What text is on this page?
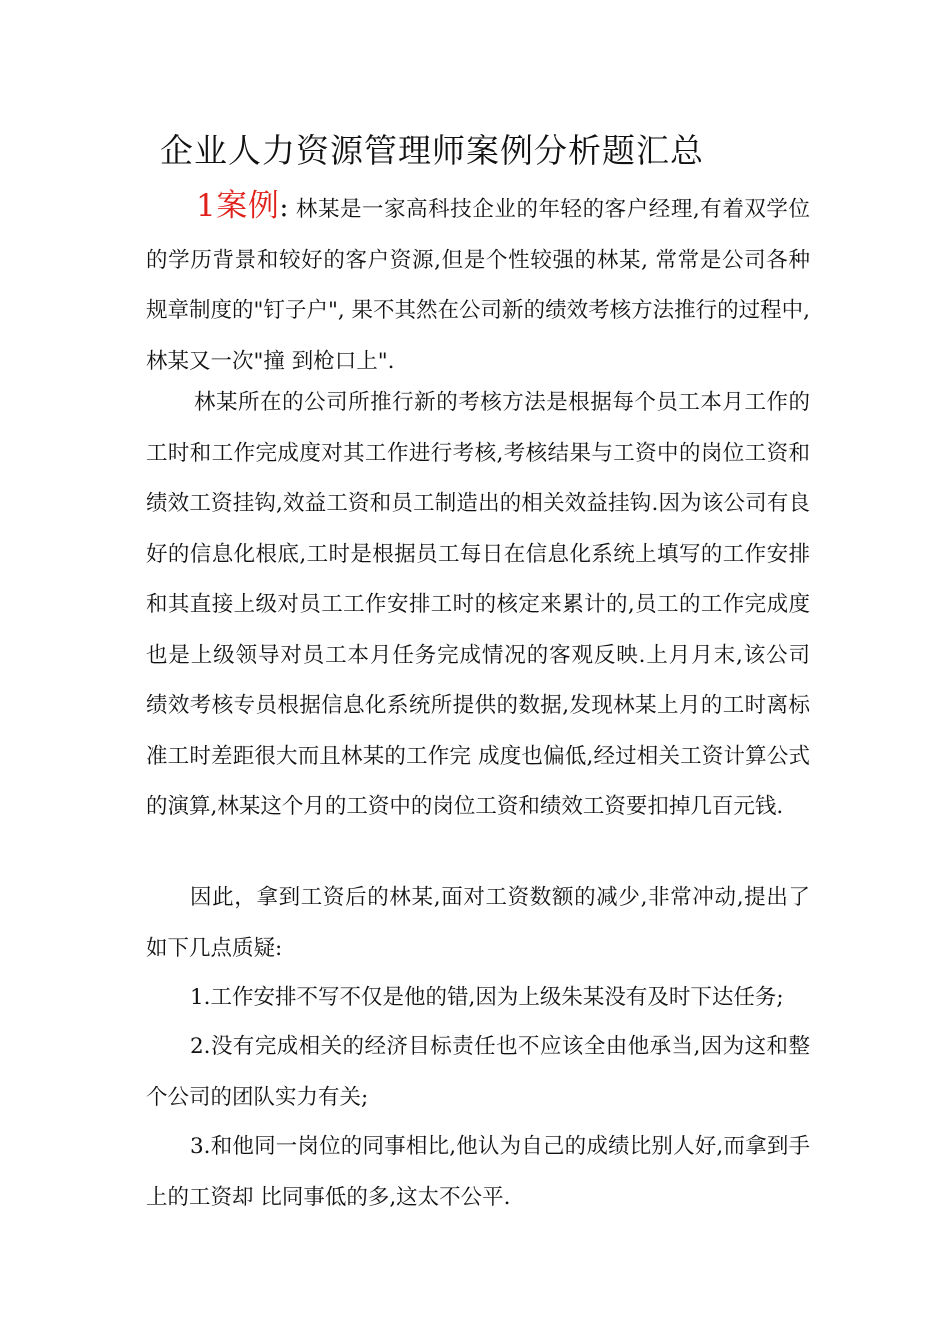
企业人力资源管理师案例分析题汇总
1案例: 林某是一家高科技企业的年轻的客户经理,有着双学位的学历背景和较好的客户资源,但是个性较强的林某, 常常是公司各种规章制度的"钉子户", 果不其然在公司新的绩效考核方法推行的过程中, 林某又一次"撞 到枪口上".
林某所在的公司所推行新的考核方法是根据每个员工本月工作的工时和工作完成度对其工作进行考核,考核结果与工资中的岗位工资和绩效工资挂钩,效益工资和员工制造出的相关效益挂钩.因为该公司有良好的信息化根底,工时是根据员工每日在信息化系统上填写的工作安排和其直接上级对员工工作安排工时的核定来累计的,员工的工作完成度也是上级领导对员工本月任务完成情况的客观反映.上月月末,该公司 绩效考核专员根据信息化系统所提供的数据,发现林某上月的工时离标准工时差距很大而且林某的工作完 成度也偏低,经过相关工资计算公式的演算,林某这个月的工资中的岗位工资和绩效工资要扣掉几百元钱.
因此，拿到工资后的林某,面对工资数额的减少,非常冲动,提出了如下几点质疑:
1.工作安排不写不仅是他的错,因为上级朱某没有及时下达任务;
2.没有完成相关的经济目标责任也不应该全由他承当,因为这和整 个公司的团队实力有关;
3.和他同一岗位的同事相比,他认为自己的成绩比别人好,而拿到手上的工资却 比同事低的多,这太不公平.
